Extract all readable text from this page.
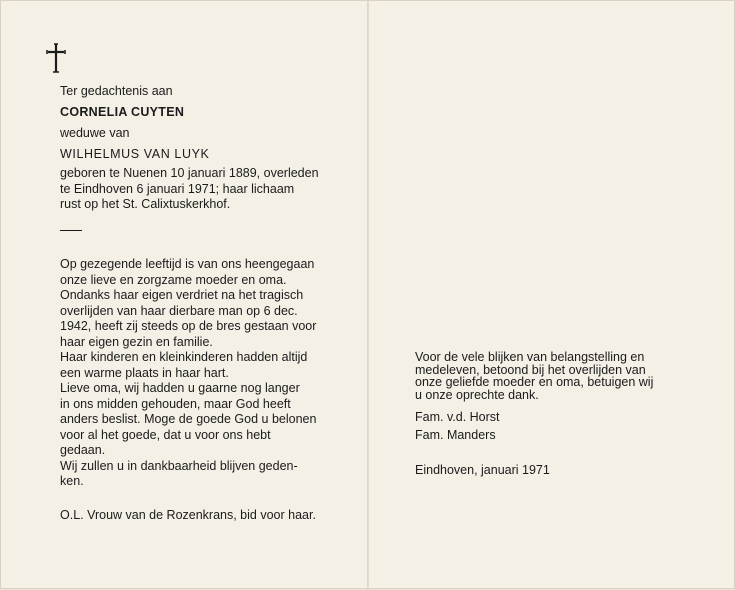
Ter gedachtenis aan

CORNELIA CUYTEN

weduwe van

WILHELMUS VAN LUYK

geboren te Nuenen 10 januari 1889, overleden

te Eindhoven 6 januari 1971; haar lichaam

rust op het St. Calixtuskerkhof.

Op gezegende leeftijd is van ons heengegaan

onze lieve en zorgzame moeder en oma.

Ondanks haar eigen verdriet na het tragisch

overlijden van haar dierbare man op 6 dec.

1942, heeft zij steeds op de bres gestaan voor

haar eigen gezin en familie.

Haar kinderen en kleinkinderen hadden altijd

een warme plaats in haar hart.

Lieve oma, wij hadden u gaarne nog langer

in ons midden gehouden, maar God heeft

anders beslist. Moge de goede God u belonen

voor al het goede, dat u voor ons hebt

gedaan.

Wij zullen u in dankbaarheid blijven geden-

ken.

O.L. Vrouw van de Rozenkrans, bid voor haar.

Voor de vele blijken van belangstelling en

medeleven, betoond bij het overlijden van

onze geliefde moeder en oma, betuigen wij

u onze oprechte dank.

Fam. v.d. Horst

Fam. Manders

Eindhoven, januari 1971
